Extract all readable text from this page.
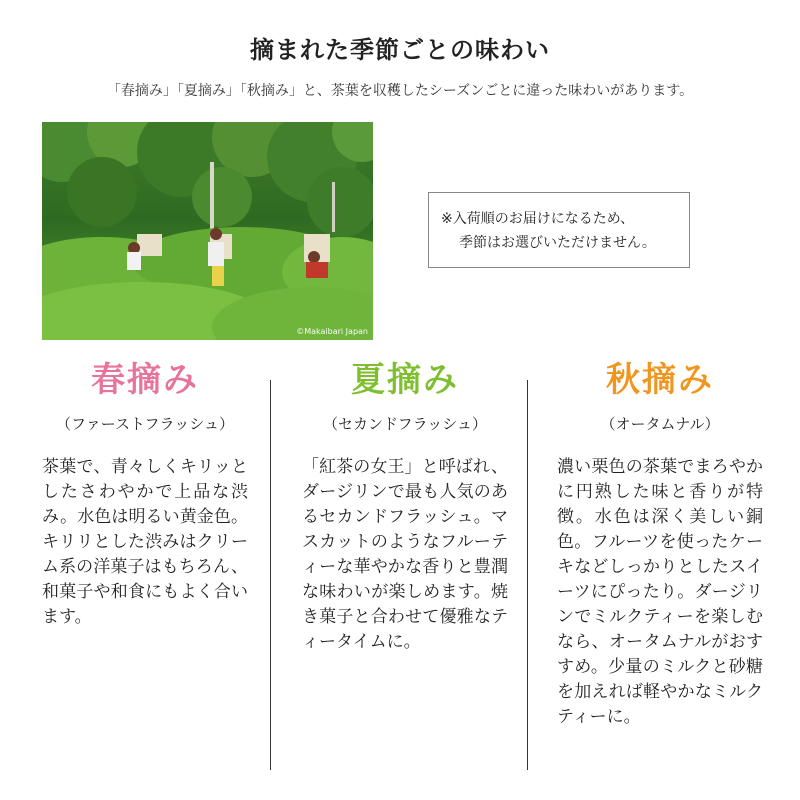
摘まれた季節ごとの味わい
「春摘み」「夏摘み」「秋摘み」と、茶葉を収穫したシーズンごとに違った味わいがあります。
©Makaibari Japan
※入荷順のお届けになるため、
季節はお選びいただけません。
春摘み
（ファーストフラッシュ）
茶葉で、青々しくキリッとしたさわやかで上品な渋み。水色は明るい黄金色。キリリとした渋みはクリーム系の洋菓子はもちろん、和菓子や和食にもよく合います。
夏摘み
（セカンドフラッシュ）
「紅茶の女王」と呼ばれ、ダージリンで最も人気のあるセカンドフラッシュ。マスカットのようなフルーティーな華やかな香りと豊潤な味わいが楽しめます。焼き菓子と合わせて優雅なティータイムに。
秋摘み
（オータムナル）
濃い栗色の茶葉でまろやかに円熟した味と香りが特徴。水色は深く美しい銅色。フルーツを使ったケーキなどしっかりとしたスイーツにぴったり。ダージリンでミルクティーを楽しむなら、オータムナルがおすすめ。少量のミルクと砂糖を加えれば軽やかなミルクティーに。
